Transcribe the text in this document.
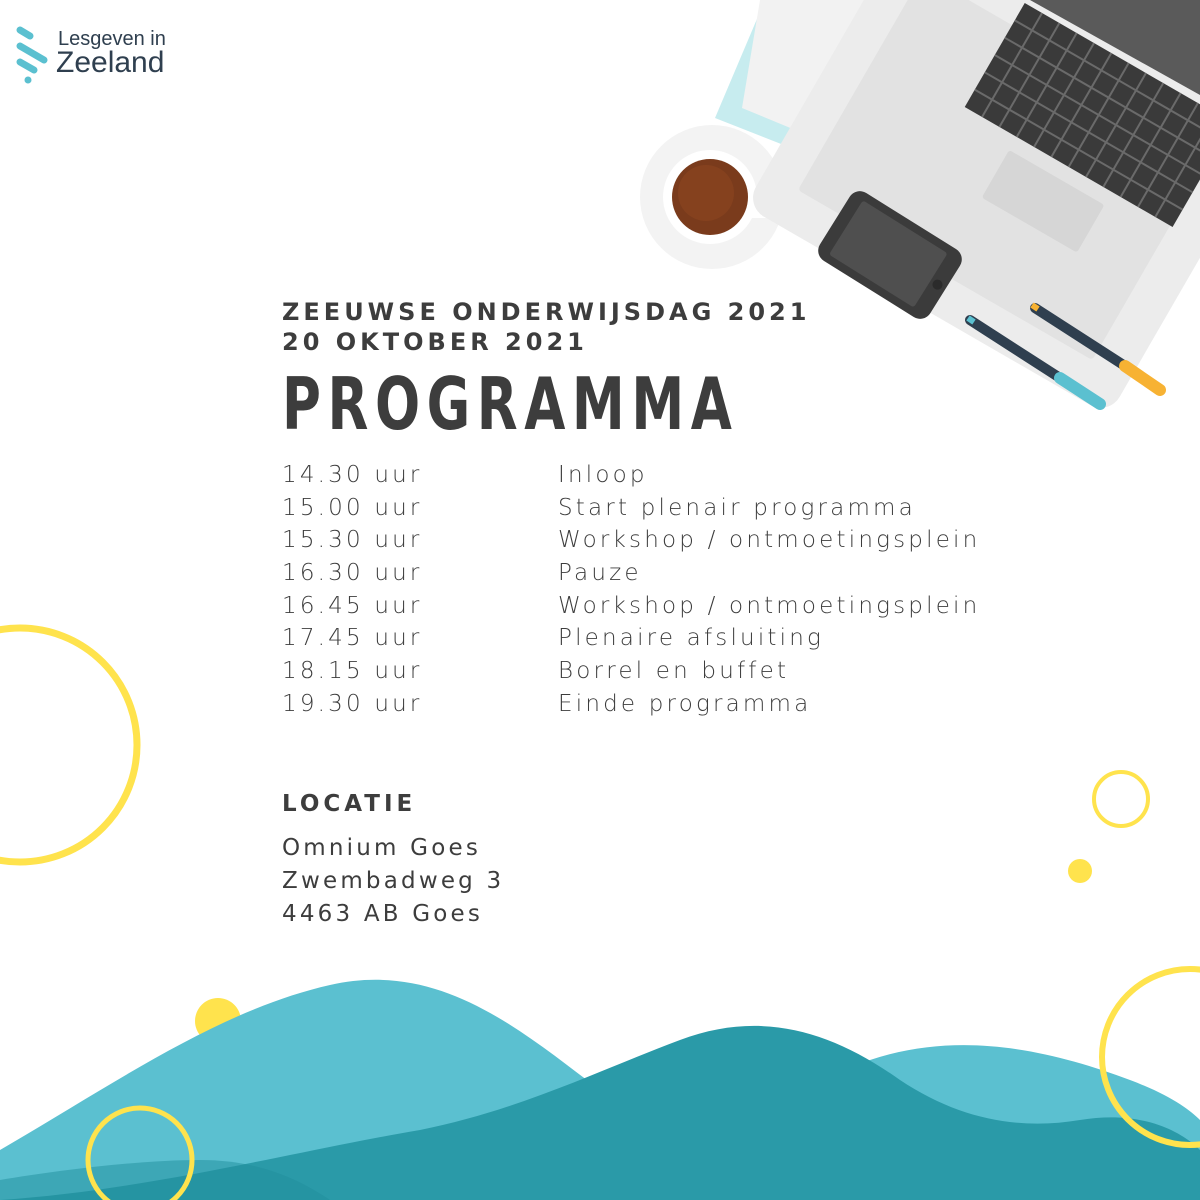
Lesgeven in
Zeeland
ZEEUWSE ONDERWIJSDAG 2021
20 OKTOBER 2021
PROGRAMMA
14.30 uur	Inloop
15.00 uur	Start plenair programma
15.30 uur	Workshop / ontmoetingsplein
16.30 uur	Pauze
16.45 uur	Workshop / ontmoetingsplein
17.45 uur	Plenaire afsluiting
18.15 uur	Borrel en buffet
19.30 uur	Einde programma
LOCATIE
Omnium Goes
Zwembadweg 3
4463 AB Goes
